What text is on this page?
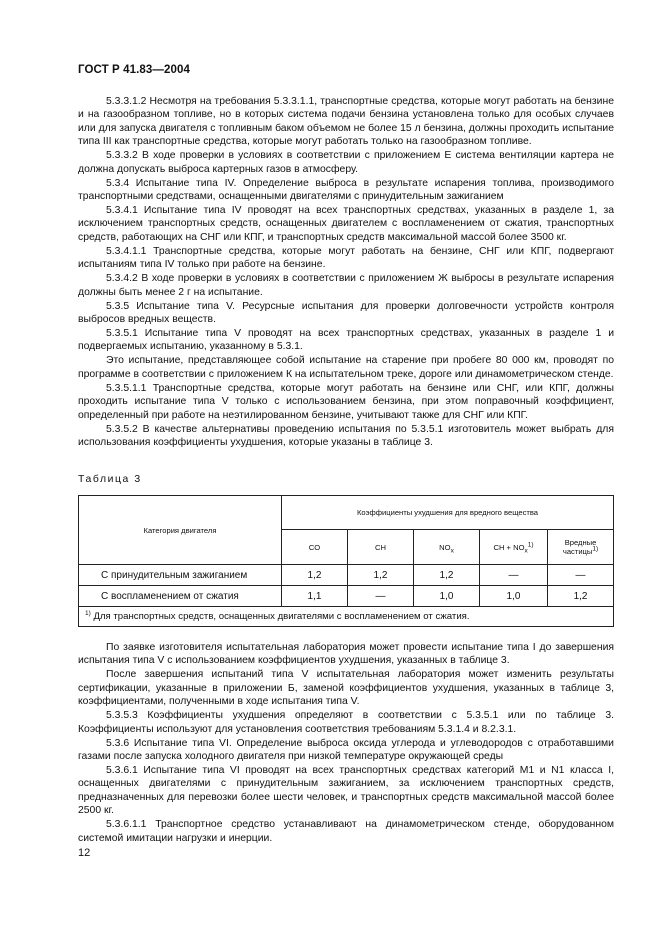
ГОСТ Р 41.83—2004

5.3.3.1.2 Несмотря на требования 5.3.3.1.1, транспортные средства, которые могут работать на бензине и на газообразном топливе, но в которых система подачи бензина установлена только для особых случаев или для запуска двигателя с топливным баком объемом не более 15 л бензина, должны проходить испытание типа III как транспортные средства, которые могут работать только на газообразном топливе.

5.3.3.2 В ходе проверки в условиях в соответствии с приложением Е система вентиляции картера не должна допускать выброса картерных газов в атмосферу.

5.3.4 Испытание типа IV. Определение выброса в результате испарения топлива, производимого транспортными средствами, оснащенными двигателями с принудительным зажиганием

5.3.4.1 Испытание типа IV проводят на всех транспортных средствах, указанных в разделе 1, за исключением транспортных средств, оснащенных двигателем с воспламенением от сжатия, транспортных средств, работающих на СНГ или КПГ, и транспортных средств максимальной массой более 3500 кг.

5.3.4.1.1 Транспортные средства, которые могут работать на бензине, СНГ или КПГ, подвергают испытаниям типа IV только при работе на бензине.

5.3.4.2 В ходе проверки в условиях в соответствии с приложением Ж выбросы в результате испарения должны быть менее 2 г на испытание.

5.3.5 Испытание типа V. Ресурсные испытания для проверки долговечности устройств контроля выбросов вредных веществ.

5.3.5.1 Испытание типа V проводят на всех транспортных средствах, указанных в разделе 1 и подвергаемых испытанию, указанному в 5.3.1.

Это испытание, представляющее собой испытание на старение при пробеге 80 000 км, проводят по программе в соответствии с приложением К на испытательном треке, дороге или динамометрическом стенде.

5.3.5.1.1 Транспортные средства, которые могут работать на бензине или СНГ, или КПГ, должны проходить испытание типа V только с использованием бензина, при этом поправочный коэффициент, определенный при работе на неэтилированном бензине, учитывают также для СНГ или КПГ.

5.3.5.2 В качестве альтернативы проведению испытания по 5.3.5.1 изготовитель может выбрать для использования коэффициенты ухудшения, которые указаны в таблице 3.

Таблица 3
Категория двигателя	Коэффициенты ухудшения для вредного вещества				
	CO	CH	$NO_x$	CH + $NO_x^{1)}$	Вредные частицы$^{1)}$
С принудительным зажиганием	1,2	1,2	1,2	—	—
С воспламенением от сжатия	1,1	—	1,0	1,0	1,2
$^{1)}$ Для транспортных средств, оснащенных двигателями с воспламенением от сжатия.					

По заявке изготовителя испытательная лаборатория может провести испытание типа I до завершения испытания типа V с использованием коэффициентов ухудшения, указанных в таблице 3.

После завершения испытаний типа V испытательная лаборатория может изменить результаты сертификации, указанные в приложении Б, заменой коэффициентов ухудшения, указанных в таблице 3, коэффициентами, полученными в ходе испытания типа V.

5.3.5.3 Коэффициенты ухудшения определяют в соответствии с 5.3.5.1 или по таблице 3. Коэффициенты используют для установления соответствия требованиям 5.3.1.4 и 8.2.3.1.

5.3.6 Испытание типа VI. Определение выброса оксида углерода и углеводородов с отработавшими газами после запуска холодного двигателя при низкой температуре окружающей среды

5.3.6.1 Испытание типа VI проводят на всех транспортных средствах категорий M1 и N1 класса I, оснащенных двигателями с принудительным зажиганием, за исключением транспортных средств, предназначенных для перевозки более шести человек, и транспортных средств максимальной массой более 2500 кг.

5.3.6.1.1 Транспортное средство устанавливают на динамометрическом стенде, оборудованном системой имитации нагрузки и инерции.

12
